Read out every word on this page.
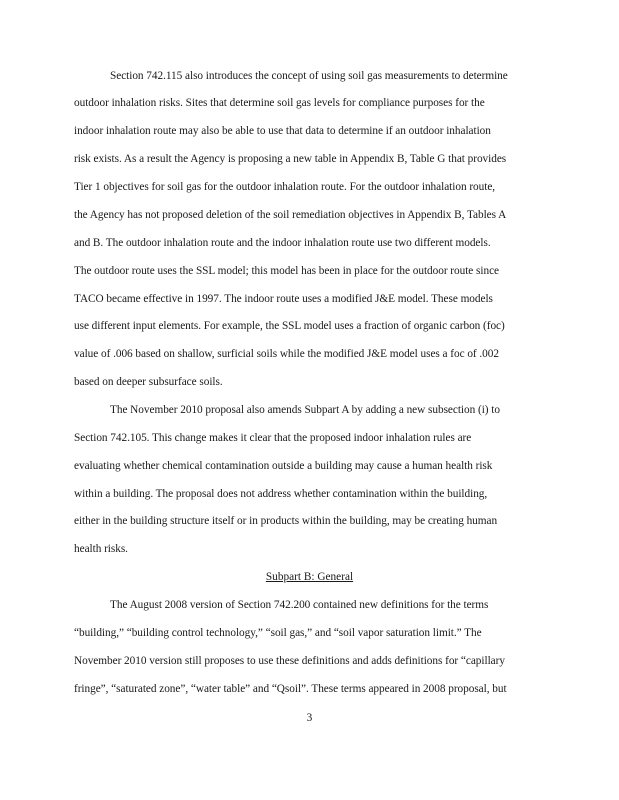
Section 742.115 also introduces the concept of using soil gas measurements to determine
outdoor inhalation risks. Sites that determine soil gas levels for compliance purposes for the
indoor inhalation route may also be able to use that data to determine if an outdoor inhalation
risk exists. As a result the Agency is proposing a new table in Appendix B, Table G that provides
Tier 1 objectives for soil gas for the outdoor inhalation route. For the outdoor inhalation route,
the Agency has not proposed deletion of the soil remediation objectives in Appendix B, Tables A
and B. The outdoor inhalation route and the indoor inhalation route use two different models.
The outdoor route uses the SSL model; this model has been in place for the outdoor route since
TACO became effective in 1997. The indoor route uses a modified J&E model. These models
use different input elements. For example, the SSL model uses a fraction of organic carbon (foc)
value of .006 based on shallow, surficial soils while the modified J&E model uses a foc of .002
based on deeper subsurface soils.
The November 2010 proposal also amends Subpart A by adding a new subsection (i) to
Section 742.105. This change makes it clear that the proposed indoor inhalation rules are
evaluating whether chemical contamination outside a building may cause a human health risk
within a building. The proposal does not address whether contamination within the building,
either in the building structure itself or in products within the building, may be creating human
health risks.
Subpart B: General
The August 2008 version of Section 742.200 contained new definitions for the terms
“building,” “building control technology,” “soil gas,” and “soil vapor saturation limit.” The
November 2010 version still proposes to use these definitions and adds definitions for “capillary
fringe”, “saturated zone”, “water table” and “Qsoil”. These terms appeared in 2008 proposal, but
3
